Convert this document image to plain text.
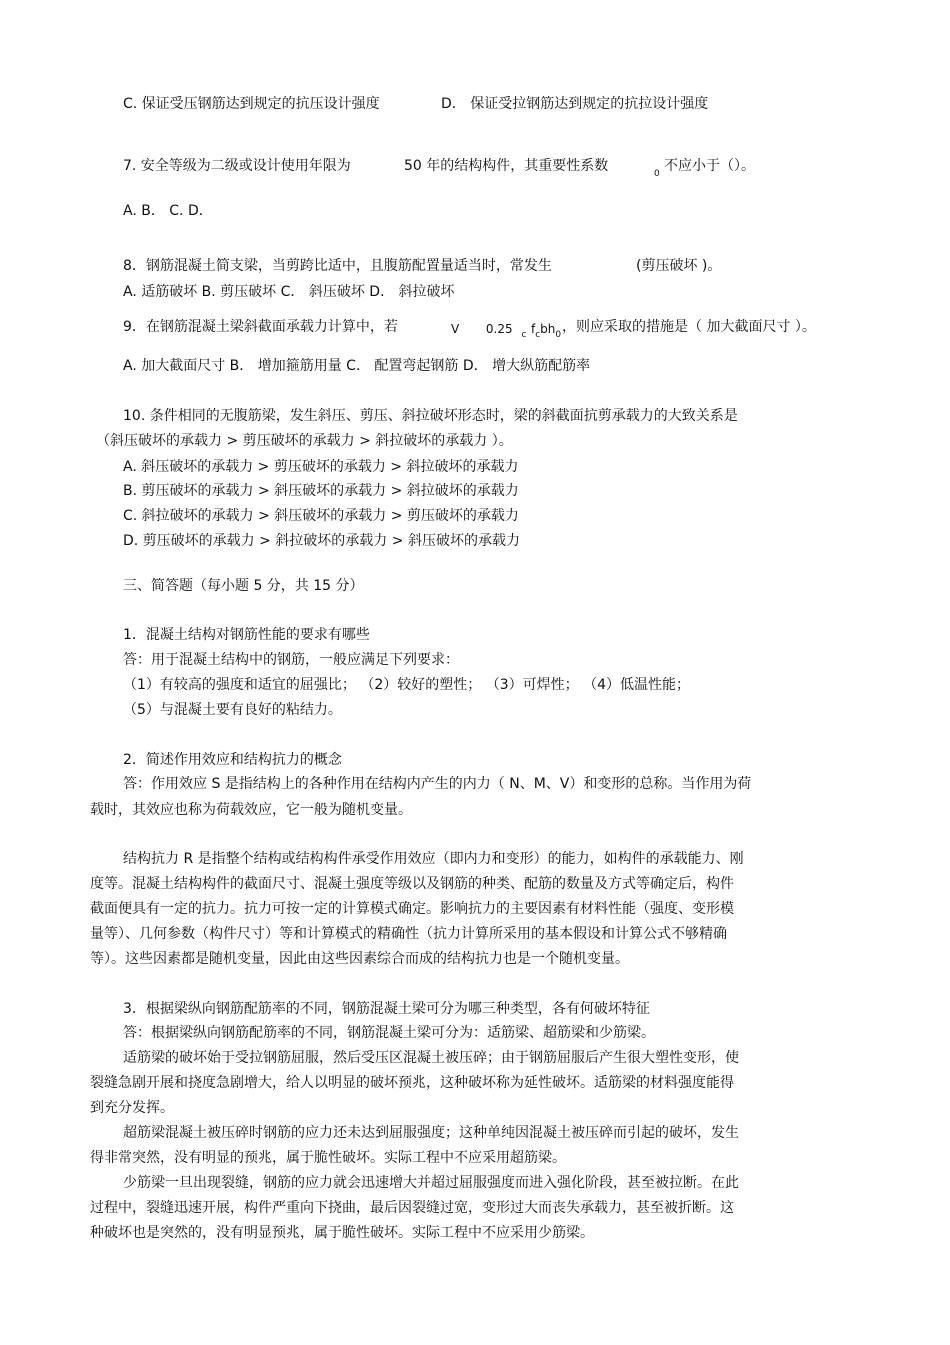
C. 保证受压钢筋达到规定的抗压设计强度	D． 保证受拉钢筋达到规定的抗拉设计强度
7. 安全等级为二级或设计使用年限为	50 年的结构构件，其重要性系数	$_0$ 不应小于（）。
A. B． C. D．
8．钢筋混凝土简支梁，当剪跨比适中，且腹筋配置量适当时，常发生	(剪压破坏 )。
A. 适筋破坏 B. 剪压破坏 C． 斜压破坏 D． 斜拉破坏
9．在钢筋混凝土梁斜截面承载力计算中，若	V 0.25 $_c$ $f_cbh_0$ ，则应采取的措施是（ 加大截面尺寸 ）。
A. 加大截面尺寸 B． 增加箍筋用量 C． 配置弯起钢筋 D． 增大纵筋配筋率
10. 条件相同的无腹筋梁，发生斜压、剪压、斜拉破坏形态时，梁的斜截面抗剪承载力的大致关系是
（斜压破坏的承载力 > 剪压破坏的承载力 > 斜拉破坏的承载力 ）。
A. 斜压破坏的承载力 > 剪压破坏的承载力 > 斜拉破坏的承载力
B. 剪压破坏的承载力 > 斜压破坏的承载力 > 斜拉破坏的承载力
C. 斜拉破坏的承载力 > 斜压破坏的承载力 > 剪压破坏的承载力
D. 剪压破坏的承载力 > 斜拉破坏的承载力 > 斜压破坏的承载力
三、简答题（每小题 5 分，共 15 分）
1．混凝土结构对钢筋性能的要求有哪些
答：用于混凝土结构中的钢筋，一般应满足下列要求：
（1）有较高的强度和适宜的屈强比； （2）较好的塑性； （3）可焊性； （4）低温性能；
（5）与混凝土要有良好的粘结力。
2．简述作用效应和结构抗力的概念
答：作用效应 S 是指结构上的各种作用在结构内产生的内力（ N、M、V）和变形的总称。当作用为荷
载时，其效应也称为荷载效应，它一般为随机变量。
结构抗力 R 是指整个结构或结构构件承受作用效应（即内力和变形）的能力，如构件的承载能力、刚
度等。混凝土结构构件的截面尺寸、混凝土强度等级以及钢筋的种类、配筋的数量及方式等确定后，构件
截面便具有一定的抗力。抗力可按一定的计算模式确定。影响抗力的主要因素有材料性能（强度、变形模
量等）、几何参数（构件尺寸）等和计算模式的精确性（抗力计算所采用的基本假设和计算公式不够精确
等）。这些因素都是随机变量，因此由这些因素综合而成的结构抗力也是一个随机变量。
3．根据梁纵向钢筋配筋率的不同，钢筋混凝土梁可分为哪三种类型，各有何破坏特征
答：根据梁纵向钢筋配筋率的不同，钢筋混凝土梁可分为：适筋梁、超筋梁和少筋梁。
适筋梁的破坏始于受拉钢筋屈服，然后受压区混凝土被压碎；由于钢筋屈服后产生很大塑性变形，使
裂缝急剧开展和挠度急剧增大，给人以明显的破坏预兆，这种破坏称为延性破坏。适筋梁的材料强度能得
到充分发挥。
超筋梁混凝土被压碎时钢筋的应力还未达到屈服强度；这种单纯因混凝土被压碎而引起的破坏，发生
得非常突然，没有明显的预兆，属于脆性破坏。实际工程中不应采用超筋梁。
少筋梁一旦出现裂缝，钢筋的应力就会迅速增大并超过屈服强度而进入强化阶段，甚至被拉断。在此
过程中，裂缝迅速开展，构件严重向下挠曲，最后因裂缝过宽，变形过大而丧失承载力，甚至被折断。这
种破坏也是突然的，没有明显预兆，属于脆性破坏。实际工程中不应采用少筋梁。
